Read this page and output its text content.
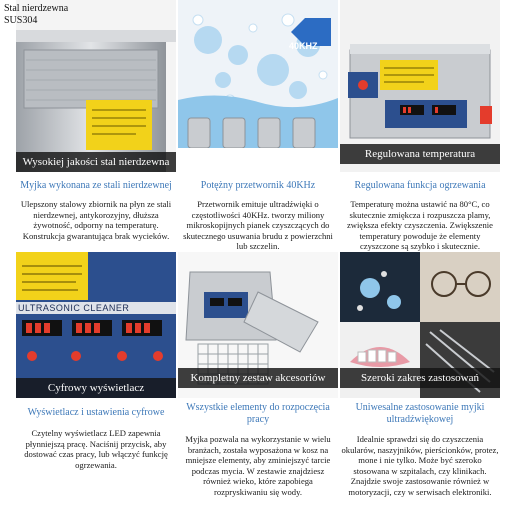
Stal nierdzewna
SUS304
Wysokiej jakości stal nierdzewna
Myjka wykonana ze stali nierdzewnej
Ulepszony stalowy zbiornik na płyn ze stali nierdzewnej, antykorozyjny, dłuższa żywotność, odporny na temperaturę. Konstrukcja gwarantująca brak wycieków.
40KHZ
Potężny przetwornik 40KHz
Przetwornik emituje ultradźwięki o częstotliwości 40KHz. tworzy miliony mikroskopijnych pianek czyszczących do skutecznego usuwania brudu z powierzchni lub szczelin.
Regulowana temperatura
Regulowana funkcja ogrzewania
Temperaturę można ustawić na 80°C, co skutecznie zmiękcza i rozpuszcza plamy, zwiększa efekty czyszczenia. Zwiększenie temperatury powoduje że elementy czyszczone są szybko i skutecznie.
ULTRASONIC CLEANER
Cyfrowy wyświetlacz
Wyświetlacz i ustawienia cyfrowe
Czytelny wyświetlacz LED zapewnia płynniejszą pracę. Naciśnij przycisk, aby dostować czas pracy, lub włączyć funkcję ogrzewania.
Kompletny zestaw akcesoriów
Wszystkie elementy do rozpoczęcia pracy
Myjka pozwala na wykorzystanie w wielu branżach, została wyposażona w kosz na mniejsze elementy, aby zminiejszyć tarcie podczas mycia. W zestawie znajdziesz również wieko, które zapobiega rozpryskiwaniu się wody.
Szeroki zakres zastosowań
Uniwesalne zastosowanie myjki ultradźwiękowej
Idealnie sprawdzi się do czyszczenia okularów, naszyjników, pierścionków, protez, mone i nie tylko. Może być szeroko stosowana w szpitalach, czy klinikach. Znajdzie swoje zastosowanie również w motoryzacji, czy w serwisach elektroniki.
